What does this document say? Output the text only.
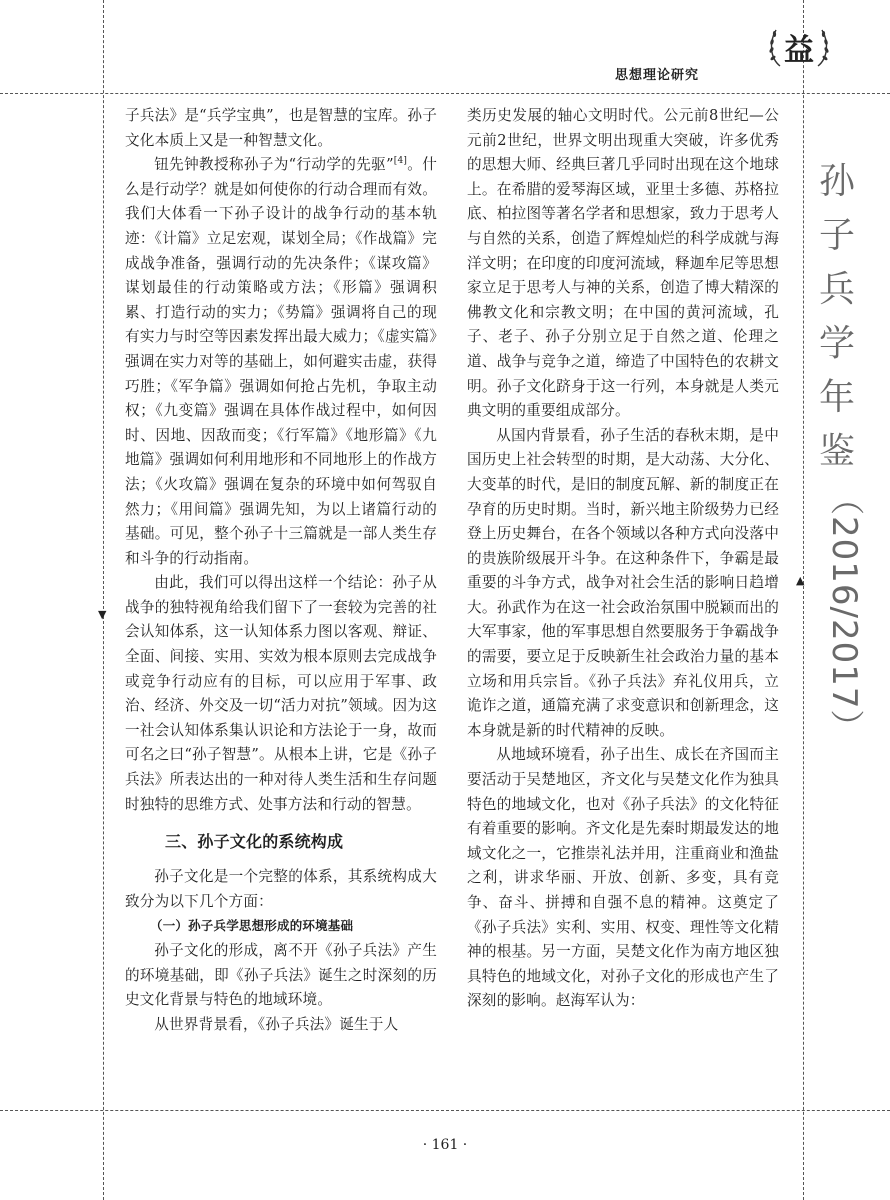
思想理论研究
益

子兵法》是“兵学宝典”，也是智慧的宝库。孙子文化本质上又是一种智慧文化。

钮先钟教授称孙子为“行动学的先驱”[4]。什么是行动学？就是如何使你的行动合理而有效。我们大体看一下孙子设计的战争行动的基本轨迹：《计篇》立足宏观，谋划全局；《作战篇》完成战争准备，强调行动的先决条件；《谋攻篇》谋划最佳的行动策略或方法；《形篇》强调积累、打造行动的实力；《势篇》强调将自己的现有实力与时空等因素发挥出最大威力；《虚实篇》强调在实力对等的基础上，如何避实击虚，获得巧胜；《军争篇》强调如何抢占先机，争取主动权；《九变篇》强调在具体作战过程中，如何因时、因地、因敌而变；《行军篇》《地形篇》《九地篇》强调如何利用地形和不同地形上的作战方法；《火攻篇》强调在复杂的环境中如何驾驭自然力；《用间篇》强调先知，为以上诸篇行动的基础。可见，整个孙子十三篇就是一部人类生存和斗争的行动指南。

由此，我们可以得出这样一个结论：孙子从战争的独特视角给我们留下了一套较为完善的社会认知体系，这一认知体系力图以客观、辩证、全面、间接、实用、实效为根本原则去完成战争或竞争行动应有的目标，可以应用于军事、政治、经济、外交及一切“活力对抗”领域。因为这一社会认知体系集认识论和方法论于一身，故而可名之曰“孙子智慧”。从根本上讲，它是《孙子兵法》所表达出的一种对待人类生活和生存问题时独特的思维方式、处事方法和行动的智慧。

三、孙子文化的系统构成

孙子文化是一个完整的体系，其系统构成大致分为以下几个方面：

（一）孙子兵学思想形成的环境基础

孙子文化的形成，离不开《孙子兵法》产生的环境基础，即《孙子兵法》诞生之时深刻的历史文化背景与特色的地域环境。

从世界背景看，《孙子兵法》诞生于人

类历史发展的轴心文明时代。公元前8世纪—公元前2世纪，世界文明出现重大突破，许多优秀的思想大师、经典巨著几乎同时出现在这个地球上。在希腊的爱琴海区域，亚里士多德、苏格拉底、柏拉图等著名学者和思想家，致力于思考人与自然的关系，创造了辉煌灿烂的科学成就与海洋文明；在印度的印度河流域，释迦牟尼等思想家立足于思考人与神的关系，创造了博大精深的佛教文化和宗教文明；在中国的黄河流域，孔子、老子、孙子分别立足于自然之道、伦理之道、战争与竞争之道，缔造了中国特色的农耕文明。孙子文化跻身于这一行列，本身就是人类元典文明的重要组成部分。

从国内背景看，孙子生活的春秋末期，是中国历史上社会转型的时期，是大动荡、大分化、大变革的时代，是旧的制度瓦解、新的制度正在孕育的历史时期。当时，新兴地主阶级势力已经登上历史舞台，在各个领域以各种方式向没落中的贵族阶级展开斗争。在这种条件下，争霸是最重要的斗争方式，战争对社会生活的影响日趋增大。孙武作为在这一社会政治氛围中脱颖而出的大军事家，他的军事思想自然要服务于争霸战争的需要，要立足于反映新生社会政治力量的基本立场和用兵宗旨。《孙子兵法》弃礼仪用兵，立诡诈之道，通篇充满了求变意识和创新理念，这本身就是新的时代精神的反映。

从地域环境看，孙子出生、成长在齐国而主要活动于吴楚地区，齐文化与吴楚文化作为独具特色的地域文化，也对《孙子兵法》的文化特征有着重要的影响。齐文化是先秦时期最发达的地域文化之一，它推崇礼法并用，注重商业和渔盐之利，讲求华丽、开放、创新、多变，具有竞争、奋斗、拼搏和自强不息的精神。这奠定了《孙子兵法》实利、实用、权变、理性等文化精神的根基。另一方面，吴楚文化作为南方地区独具特色的地域文化，对孙子文化的形成也产生了深刻的影响。赵海军认为：

孙
子
兵
学
年
鉴
（2016/2017）
▼
▲
· 161 ·
